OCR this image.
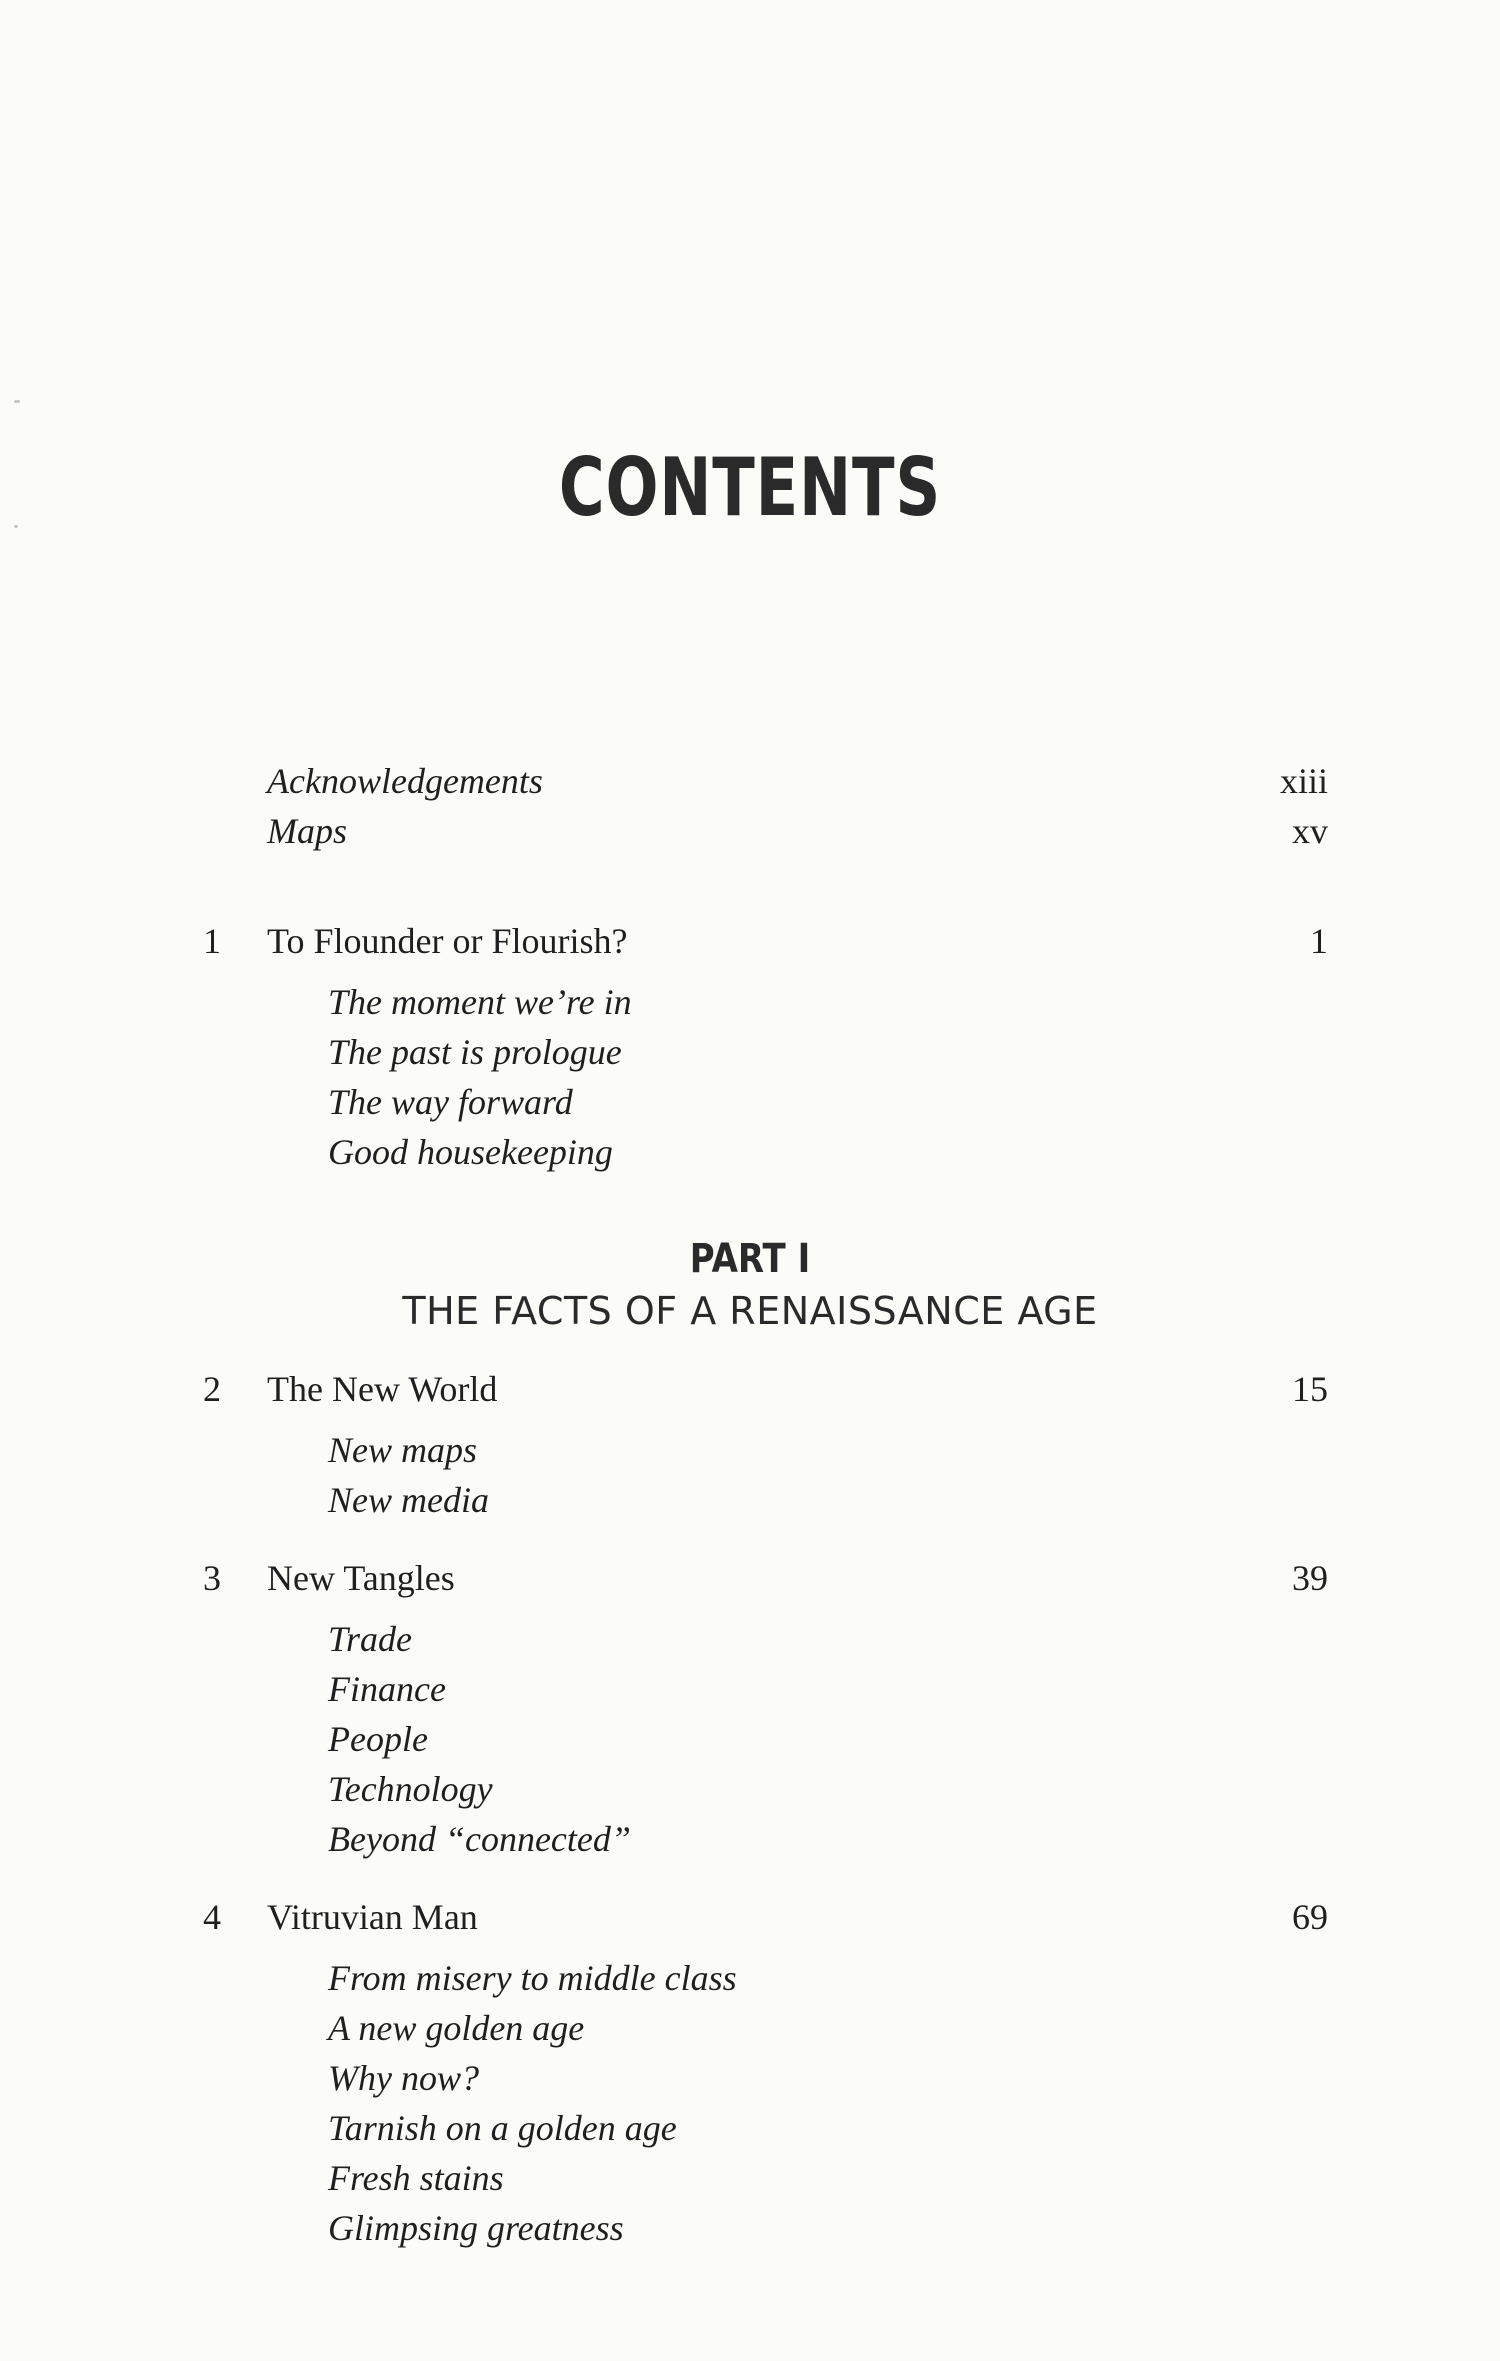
CONTENTS
Acknowledgements	xiii
Maps	xv
1 To Flounder or Flourish?	1
The moment we’re in
The past is prologue
The way forward
Good housekeeping
PART I
THE FACTS OF A RENAISSANCE AGE
2 The New World	15
New maps
New media
3 New Tangles	39
Trade
Finance
People
Technology
Beyond “connected”
4 Vitruvian Man	69
From misery to middle class
A new golden age
Why now?
Tarnish on a golden age
Fresh stains
Glimpsing greatness
